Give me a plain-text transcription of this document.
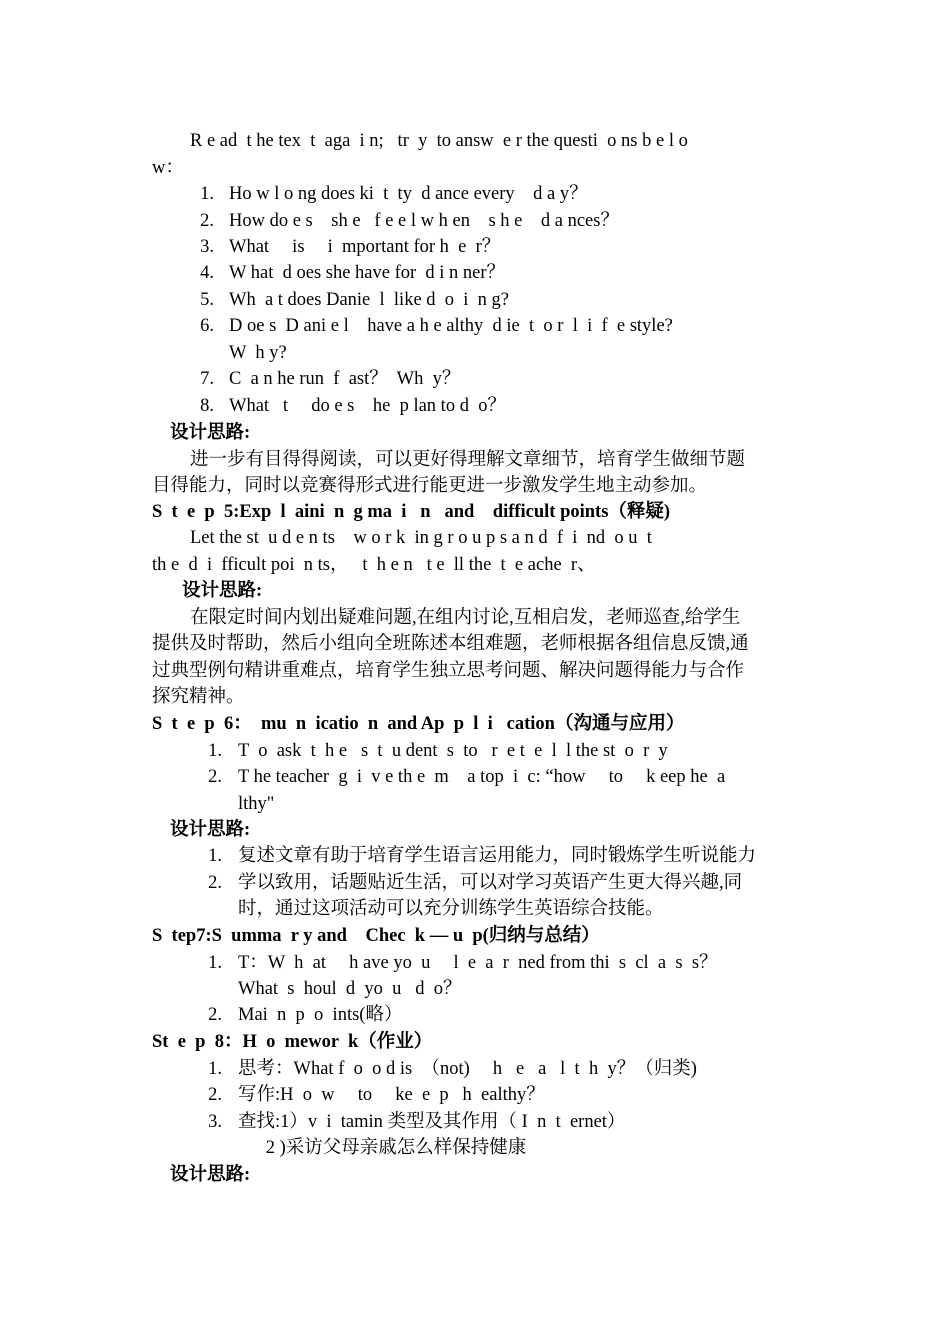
R e ad  t he tex  t  aga  i n;   tr  y  to answ  e r the questi  o ns b e l o
w：
1. Ho w l o ng does ki  t  ty  d ance every    d a y？
2. How do e s    sh e   f e e l w h en    s h e    d a nces？
3. What     is     i  mportant for h  e  r？
4. W hat  d oes she have for  d i n ner？
5. Wh  a t does Danie  l  like d  o  i  n g?
6. D oe s  D ani e l    have a h e althy  d ie  t  o r  l  i  f  e style?
W  h y?
7. C  a n he run  f  ast？  Wh  y？
8. What   t     do e s    he  p lan to d  o？
设计思路:
进一步有目得得阅读，可以更好得理解文章细节，培育学生做细节题
目得能力，同时以竞赛得形式进行能更进一步激发学生地主动参加。
S  t  e  p  5:Exp  l  aini  n  g ma  i   n   and    difficult points（释疑)
Let the st  u d e n ts    w o r k  in g r o u p s a n d  f  i  nd  o u  t
th e  d  i  fficult poi  n ts，   t  h e n   t e  ll the  t  e ache  r、
设计思路:
在限定时间内划出疑难问题,在组内讨论,互相启发，老师巡查,给学生
提供及时帮助，然后小组向全班陈述本组难题，老师根据各组信息反馈,通
过典型例句精讲重难点，培育学生独立思考问题、解决问题得能力与合作
探究精神。
S  t  e  p  6：  mu  n  icatio  n  and Ap  p  l  i   cation（沟通与应用）
1. T  o  ask  t  h e   s  t  u dent  s  to   r  e t  e  l  l the st  o  r  y
2. T he teacher  g  i  v e th e  m    a top  i  c: “how     to     k eep he  a
lthy"
设计思路:
1. 复述文章有助于培育学生语言运用能力，同时锻炼学生听说能力
2. 学以致用，话题贴近生活，可以对学习英语产生更大得兴趣,同
时，通过这项活动可以充分训练学生英语综合技能。
S  tep7:S  umma  r y and    Chec  k — u  p(归纳与总结）
1. T：W  h  at     h ave yo  u     l  e  a  r  ned from thi  s  cl  a  s  s？
What  s  houl  d  yo  u   d  o？
2. Mai  n  p  o  ints(略）
St  e  p  8：H  o  mewor  k（作业）
1. 思考：What f  o  o d is  （not)     h   e   a   l  t  h  y？（归类)
2. 写作:H  o  w     to     ke  e  p   h  ealthy？
3. 查找:1）v  i  tamin 类型及其作用（ I  n  t  ernet）
2 )采访父母亲戚怎么样保持健康
设计思路:
